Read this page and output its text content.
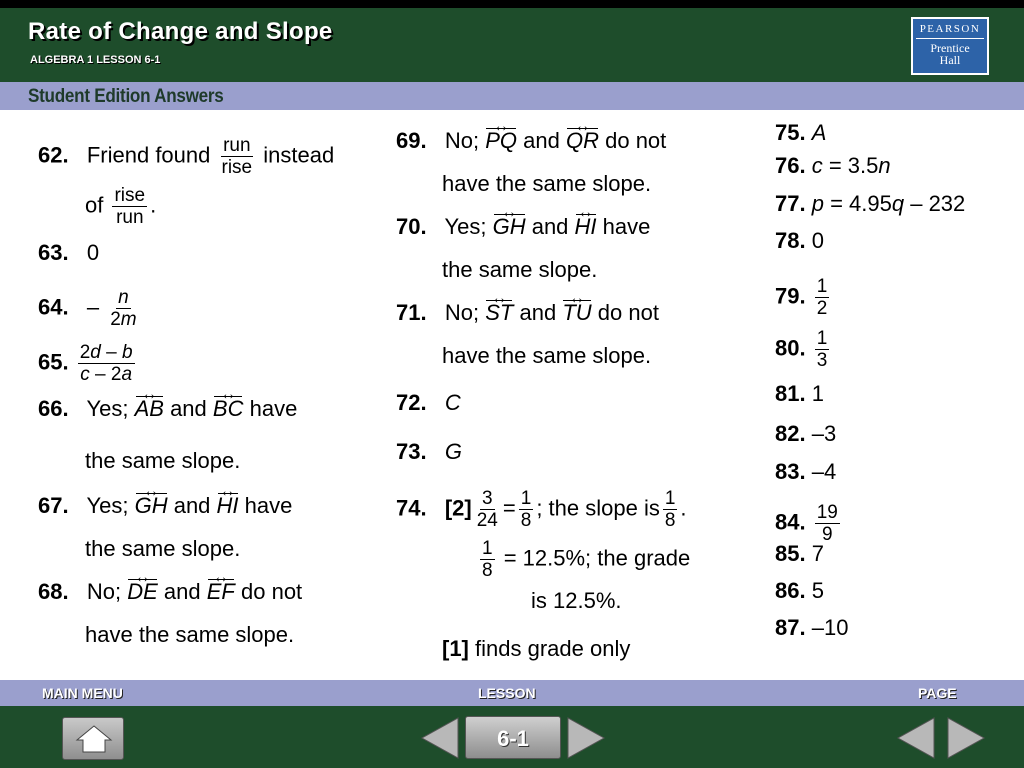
Rate of Change and Slope
ALGEBRA 1 LESSON 6-1
PEARSON
Prentice
Hall
Student Edition Answers
62. Friend found $\frac{\text{run}}{\text{rise}}$ instead
of $\frac{\text{rise}}{\text{run}}$ .
63. 0
64. – $\frac{n}{2m}$
65. $\frac{2d - b}{c - 2a}$
66. Yes; AB ↔ and BC ↔ have
the same slope.
67. Yes; GH ↔ and HI ↔ have
the same slope.
68. No; DE ↔ and EF ↔ do not
have the same slope.
69. No; PQ ↔ and QR ↔ do not
have the same slope.
70. Yes; GH ↔ and HI ↔ have
the same slope.
71. No; ST ↔ and TU ↔ do not
have the same slope.
72. C
73. G
74. $[2] \frac{3}{24} = \frac{1}{8}$ ; the slope is $\frac{1}{8}$ .
$\frac{1}{8} = 12.5\%$; the grade
is 12.5%.
[1] finds grade only
75. A
76. c = 3.5n
77. p = 4.95q – 232
78. 0
79. $\frac{1}{2}$
80. $\frac{1}{3}$
81. 1
82. –3
83. –4
84. $\frac{19}{9}$
85. 7
86. 5
87. –10
MAIN MENU	LESSON	PAGE
6-1
